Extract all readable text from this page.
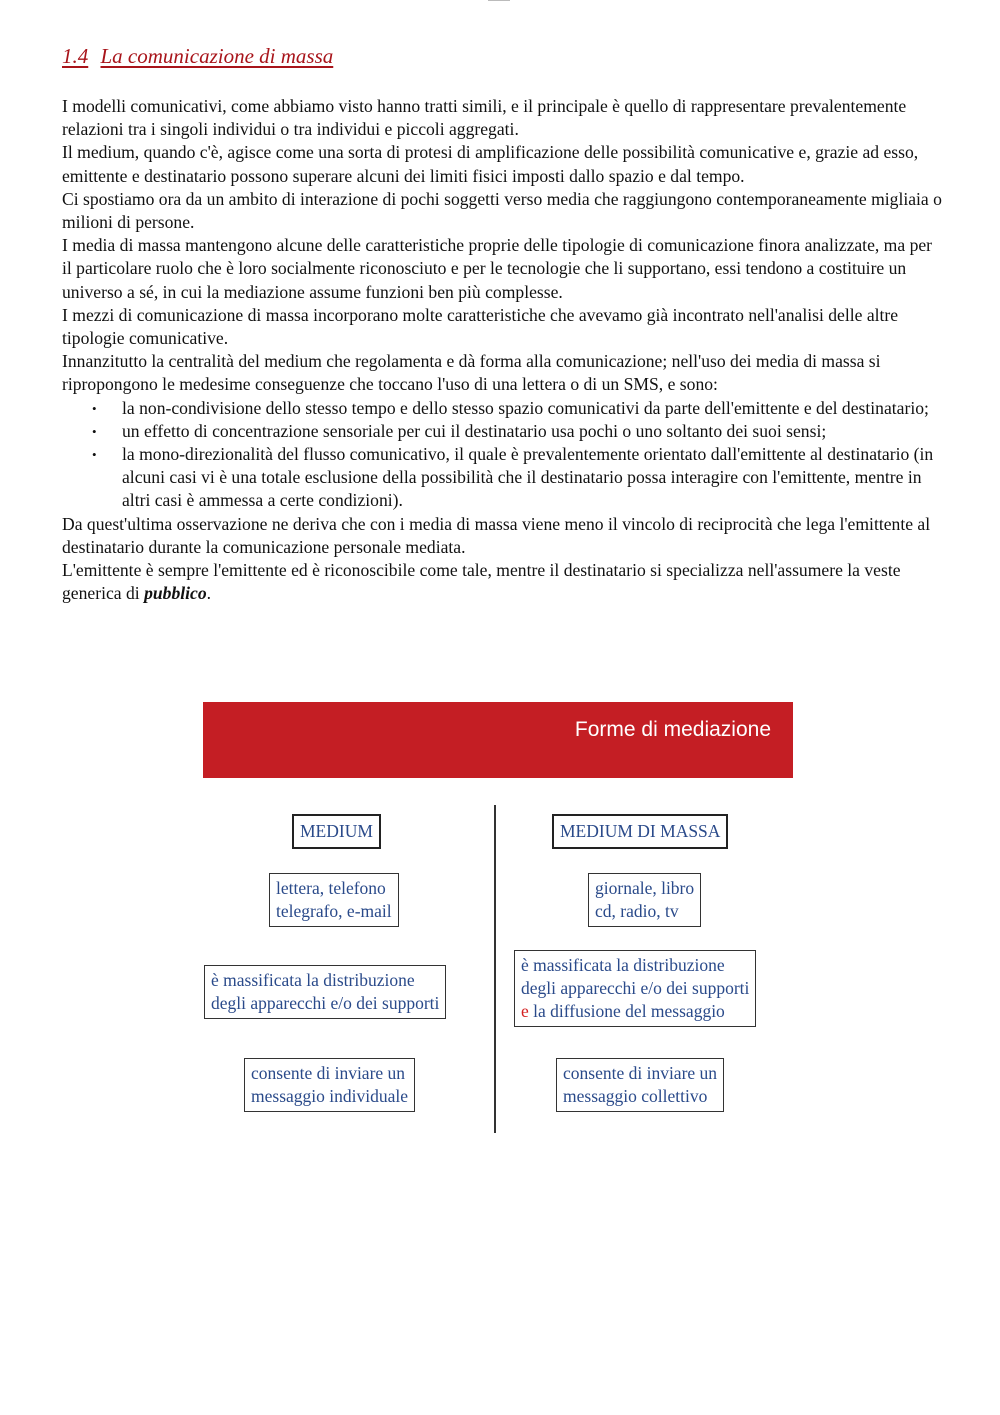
1.4 La comunicazione di massa

I modelli comunicativi, come abbiamo visto hanno tratti simili, e il principale è quello di rappresentare prevalentemente relazioni tra i singoli individui o tra individui e piccoli aggregati.

Il medium, quando c'è, agisce come una sorta di protesi di amplificazione delle possibilità comunicative e, grazie ad esso, emittente e destinatario possono superare alcuni dei limiti fisici imposti dallo spazio e dal tempo.

Ci spostiamo ora da un ambito di interazione di pochi soggetti verso media che raggiungono contemporaneamente migliaia o milioni di persone.

I media di massa mantengono alcune delle caratteristiche proprie delle tipologie di comunicazione finora analizzate, ma per il particolare ruolo che è loro socialmente riconosciuto e per le tecnologie che li supportano, essi tendono a costituire un universo a sé, in cui la mediazione assume funzioni ben più complesse.

I mezzi di comunicazione di massa incorporano molte caratteristiche che avevamo già incontrato nell'analisi delle altre tipologie comunicative.

Innanzitutto la centralità del medium che regolamenta e dà forma alla comunicazione; nell'uso dei media di massa si ripropongono le medesime conseguenze che toccano l'uso di una lettera o di un SMS, e sono:

• la non-condivisione dello stesso tempo e dello stesso spazio comunicativi da parte dell'emittente e del destinatario;
• un effetto di concentrazione sensoriale per cui il destinatario usa pochi o uno soltanto dei suoi sensi;
• la mono-direzionalità del flusso comunicativo, il quale è prevalentemente orientato dall'emittente al destinatario (in alcuni casi vi è una totale esclusione della possibilità che il destinatario possa interagire con l'emittente, mentre in altri casi è ammessa a certe condizioni).

Da quest'ultima osservazione ne deriva che con i media di massa viene meno il vincolo di reciprocità che lega l'emittente al destinatario durante la comunicazione personale mediata.

L'emittente è sempre l'emittente ed è riconoscibile come tale, mentre il destinatario si specializza nell'assumere la veste generica di pubblico.

Forme di mediazione
MEDIUM
lettera, telefono
telegrafo, e-mail
è massificata la distribuzione
degli apparecchi e/o dei supporti
consente di inviare un
messaggio individuale
MEDIUM DI MASSA
giornale, libro
cd, radio, tv
è massificata la distribuzione
degli apparecchi e/o dei supporti
e la diffusione del messaggio
consente di inviare un
messaggio collettivo
